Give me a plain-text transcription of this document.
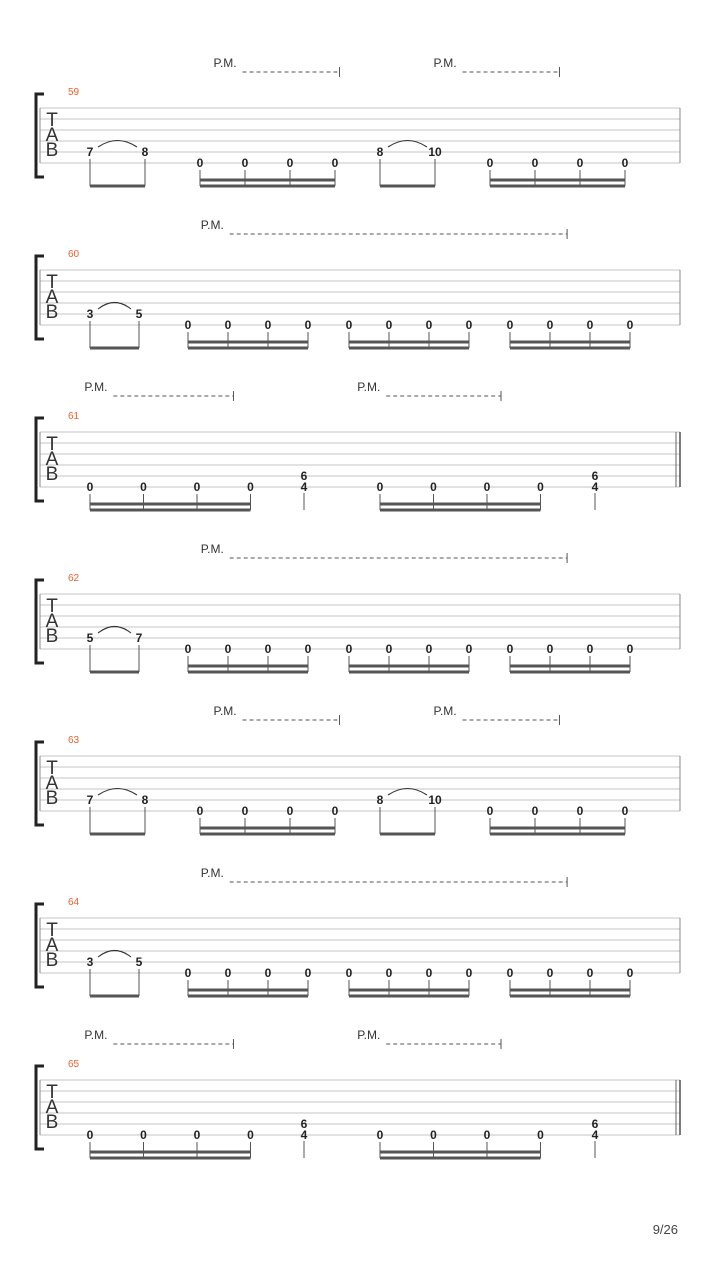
T
A
B
59
7	8
0	0	0	0
8	10
0	0	0	0
P.M.	P.M.
T
A
B
60
3	5
0	0	0	0	0	0	0	0	0	0	0	0
P.M.
T
A
B
61
0	0	0	0
6
4	0	0	0	0
6
4
P.M.	P.M.
T
A
B
62
5	7
0	0	0	0	0	0	0	0	0	0	0	0
P.M.
T
A
B
63
7	8
0	0	0	0
8	10
0	0	0	0
P.M.	P.M.
T
A
B
64
3	5
0	0	0	0	0	0	0	0	0	0	0	0
P.M.
T
A
B
65
0	0	0	0
6
4	0	0	0	0
6
4
P.M.	P.M.
9/26
